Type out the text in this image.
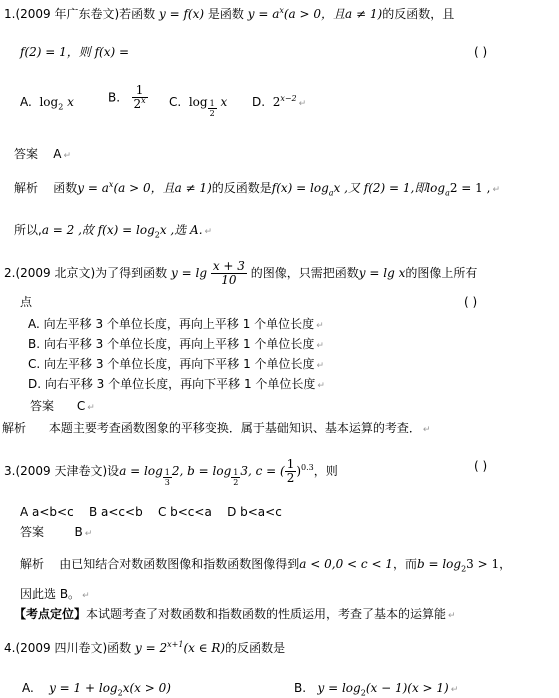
1.(2009 年广东卷文)若函数 y = f(x) 是函数 $y = a^x(a > 0$，且a ≠ 1)的反函数，且
f(2) = 1，则 f(x) =	( )
A. $\log_2 x$	B. $\frac{1}{2^x} C$. $\log \frac{1}{2}$ x D. $2^{x-2}↵$
答案 A ↵
解析 函数$y = a^x(a > 0$，且a ≠ 1)的反函数是$f(x) = \log_ax$ ,又 f(2) = 1,即$\log_a2 = 1$ , ↵
所以,a = 2 ,故 $f(x) = \log_2x$ ,选 A. ↵
2.(2009 北京文)为了得到函数 $y = \lg \frac{x + 3}{10}$ 的图像，只需把函数y = lg x的图像上所有
点	( )
A. 向左平移 3 个单位长度，再向上平移 1 个单位长度 ↵
B. 向右平移 3 个单位长度，再向上平移 1 个单位长度 ↵
C. 向左平移 3 个单位长度，再向下平移 1 个单位长度 ↵
D. 向右平移 3 个单位长度，再向下平移 1 个单位长度 ↵
答案 C ↵
解析 本题主要考查函数图象的平移变换．属于基础知识、基本运算的考查． ↵
3.(2009 天津卷文)设$a = \log \frac{1}{3} 2$, $b = \log \frac{1}{2} 3$, c = ( $\frac{1}{2} )^{0.3}$，则	( )
A a<b<c    B a<c<b    C b<c<a    D b<a<c
答案	B ↵
解析 由已知结合对数函数图像和指数函数图像得到a < 0,0 < c < 1，而$b = \log_23 > 1$，
因此选 B。 ↵
【考点定位】本试题考查了对数函数和指数函数的性质运用，考查了基本的运算能 ↵
4.(2009 四川卷文)函数 $y = 2^{x+1}(x$ ∈ R)的反函数是
A. $y = 1 + \log_2x(x > 0)$	B. $y = \log_2(x - 1)(x > 1)$ ↵
